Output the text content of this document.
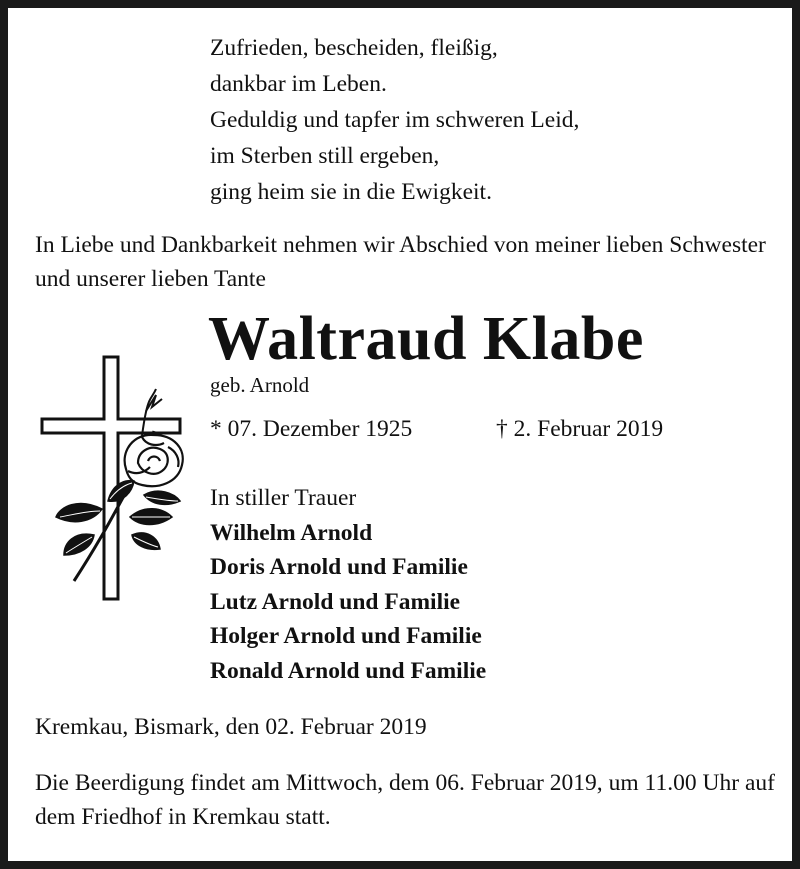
Zufrieden, bescheiden, fleißig,
dankbar im Leben.
Geduldig und tapfer im schweren Leid,
im Sterben still ergeben,
ging heim sie in die Ewigkeit.
In Liebe und Dankbarkeit nehmen wir Abschied von meiner lieben Schwester und unserer lieben Tante
Waltraud Klabe
geb. Arnold
* 07. Dezember 1925	† 2. Februar 2019
In stiller Trauer
Wilhelm Arnold
Doris Arnold und Familie
Lutz Arnold und Familie
Holger Arnold und Familie
Ronald Arnold und Familie
Kremkau, Bismark, den 02. Februar 2019
Die Beerdigung findet am Mittwoch, dem 06. Februar 2019, um 11.00 Uhr auf dem Friedhof in Kremkau statt.
